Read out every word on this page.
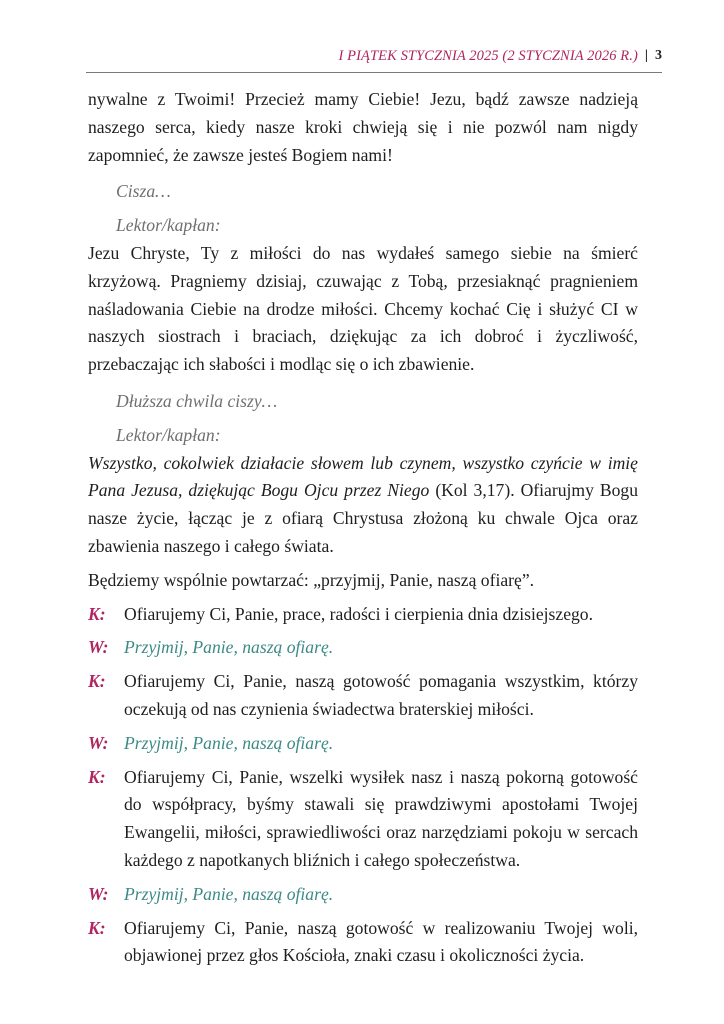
I PIĄTEK STYCZNIA 2025 (2 STYCZNIA 2026 R.) | 3

nywalne z Twoimi! Przecież mamy Ciebie! Jezu, bądź zawsze nadzieją naszego serca, kiedy nasze kroki chwieją się i nie pozwól nam nigdy zapomnieć, że zawsze jesteś Bogiem nami!

Cisza…

Lektor/kapłan:

Jezu Chryste, Ty z miłości do nas wydałeś samego siebie na śmierć krzyżową. Pragniemy dzisiaj, czuwając z Tobą, przesiaknąć pragnieniem naśladowania Ciebie na drodze miłości. Chcemy kochać Cię i służyć CI w naszych siostrach i braciach, dziękując za ich dobroć i życzliwość, przebaczając ich słabości i modląc się o ich zbawienie.

Dłuższa chwila ciszy…

Lektor/kapłan:

Wszystko, cokolwiek działacie słowem lub czynem, wszystko czyńcie w imię Pana Jezusa, dziękując Bogu Ojcu przez Niego (Kol 3,17). Ofiarujmy Bogu nasze życie, łącząc je z ofiarą Chrystusa złożoną ku chwale Ojca oraz zbawienia naszego i całego świata.

Będziemy wspólnie powtarzać: „przyjmij, Panie, naszą ofiarę”.

K:	Ofiarujemy Ci, Panie, prace, radości i cierpienia dnia dzisiejszego.
W: Przyjmij, Panie, naszą ofiarę.
K:	Ofiarujemy Ci, Panie, naszą gotowość pomagania wszystkim, którzy oczekują od nas czynienia świadectwa braterskiej miłości.
W: Przyjmij, Panie, naszą ofiarę.
K:	Ofiarujemy Ci, Panie, wszelki wysiłek nasz i naszą pokorną gotowość do współpracy, byśmy stawali się prawdziwymi apostołami Twojej Ewangelii, miłości, sprawiedliwości oraz narzędziami pokoju w sercach każdego z napotkanych bliźnich i całego społeczeństwa.
W: Przyjmij, Panie, naszą ofiarę.
K:	Ofiarujemy Ci, Panie, naszą gotowość w realizowaniu Twojej woli, objawionej przez głos Kościoła, znaki czasu i okoliczności życia.
